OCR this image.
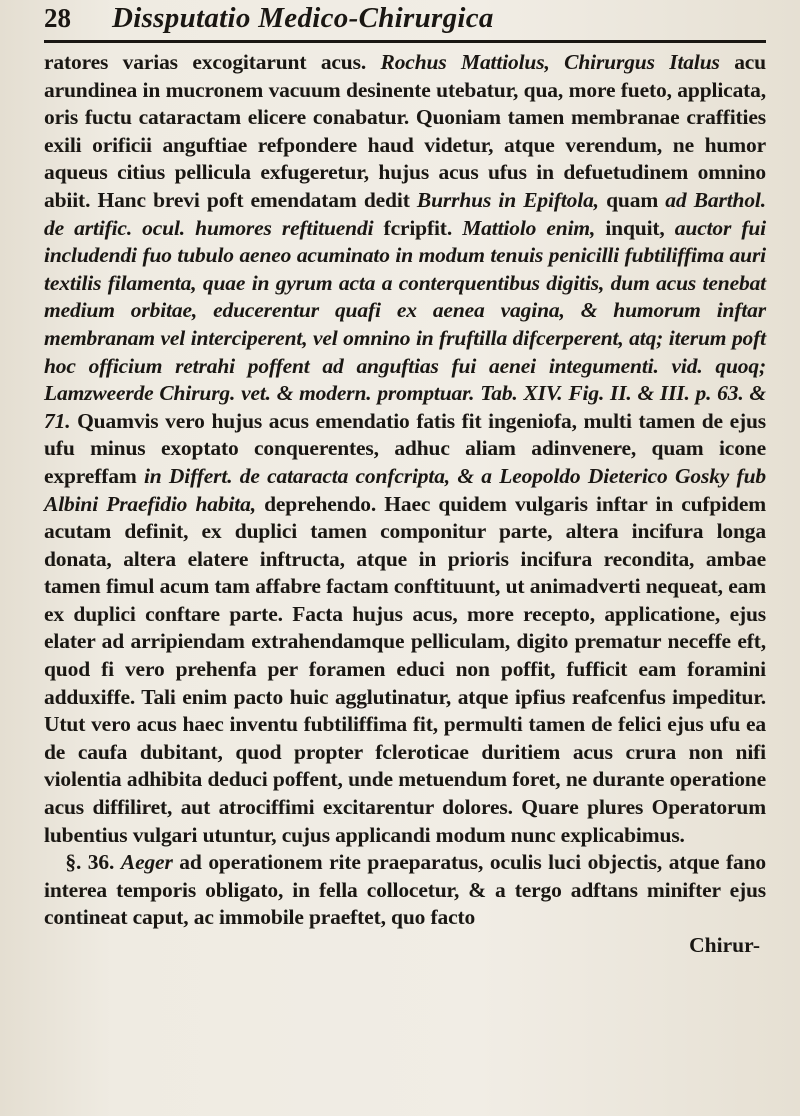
28	Dissputatio Medico-Chirurgica

ratores varias excogitarunt acus. Rochus Mattiolus, Chirurgus Italus acu arundinea in mucronem vacuum desinente utebatur, qua, more fueto, applicata, oris fuctu cataractam elicere conabatur. Quoniam tamen membranae craffities exili orificii anguftiae refpondere haud videtur, atque verendum, ne humor aqueus citius pellicula exfugeretur, hujus acus ufus in defuetudinem omnino abiit. Hanc brevi poft emendatam dedit Burrhus in Epiftola, quam ad Barthol. de artific. ocul. humores reftituendi fcripfit. Mattiolo enim, inquit, auctor fui includendi fuo tubulo aeneo acuminato in modum tenuis penicilli fubtiliffima auri textilis filamenta, quae in gyrum acta a conterquentibus digitis, dum acus tenebat medium orbitae, educerentur quafi ex aenea vagina, & humorum inftar membranam vel interciperent, vel omnino in fruftilla difcerperent, atq; iterum poft hoc officium retrahi poffent ad anguftias fui aenei integumenti. vid. quoq; Lamzweerde Chirurg. vet. & modern. promptuar. Tab. XIV. Fig. II. & III. p. 63. & 71. Quamvis vero hujus acus emendatio fatis fit ingeniofa, multi tamen de ejus ufu minus exoptato conquerentes, adhuc aliam adinvenere, quam icone expreffam in Differt. de cataracta confcripta, & a Leopoldo Dieterico Gosky fub Albini Praefidio habita, deprehendo. Haec quidem vulgaris inftar in cufpidem acutam definit, ex duplici tamen componitur parte, altera incifura longa donata, altera elatere inftructa, atque in prioris incifura recondita, ambae tamen fimul acum tam affabre factam conftituunt, ut animadverti nequeat, eam ex duplici conftare parte. Facta hujus acus, more recepto, applicatione, ejus elater ad arripiendam extrahendamque pelliculam, digito prematur neceffe eft, quod fi vero prehenfa per foramen educi non poffit, fufficit eam foramini adduxiffe. Tali enim pacto huic agglutinatur, atque ipfius reafcenfus impeditur. Utut vero acus haec inventu fubtiliffima fit, permulti tamen de felici ejus ufu ea de caufa dubitant, quod propter fcleroticae duritiem acus crura non nifi violentia adhibita deduci poffent, unde metuendum foret, ne durante operatione acus diffiliret, aut atrociffimi excitarentur dolores. Quare plures Operatorum lubentius vulgari utuntur, cujus applicandi modum nunc explicabimus.

 §. 36. Aeger ad operationem rite praeparatus, oculis luci objectis, atque fano interea temporis obligato, in fella collocetur, & a tergo adftans minifter ejus contineat caput, ac immobile praeftet, quo facto

Chirur-
